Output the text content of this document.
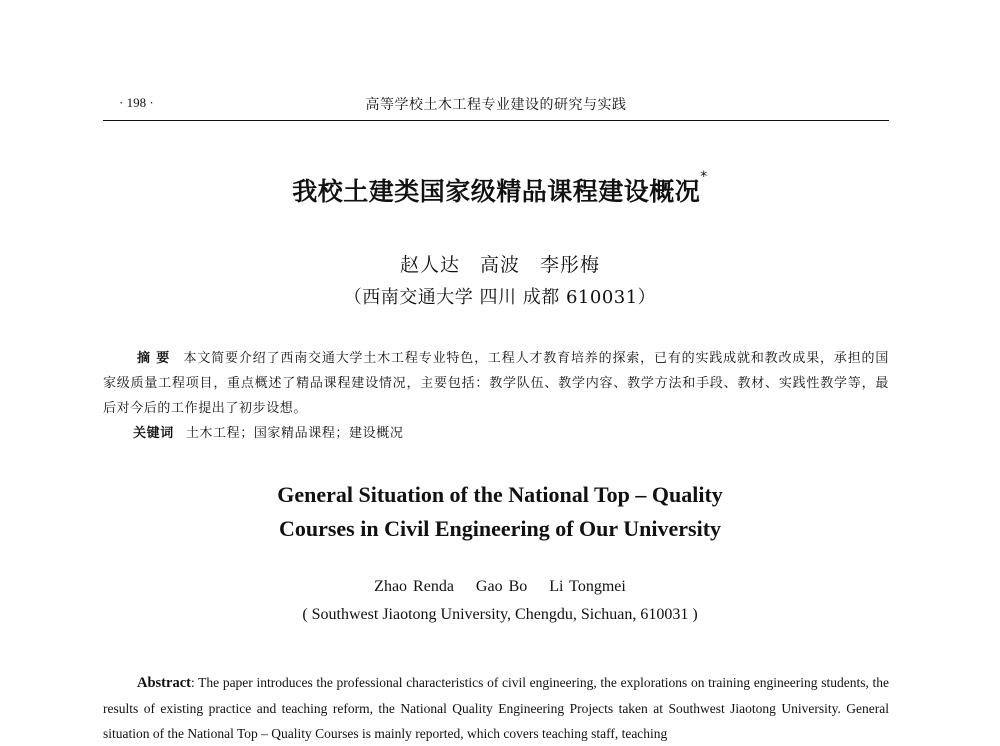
· 198 ·	高等学校土木工程专业建设的研究与实践
我校土建类国家级精品课程建设概况*
赵人达　高波　李彤梅
（西南交通大学 四川 成都 610031）
摘要 本文简要介绍了西南交通大学土木工程专业特色，工程人才教育培养的探索，已有的实践成就和教改成果，承担的国家级质量工程项目，重点概述了精品课程建设情况，主要包括：教学队伍、教学内容、教学方法和手段、教材、实践性教学等，最后对今后的工作提出了初步设想。
关键词 土木工程；国家精品课程；建设概况
General Situation of the National Top – Quality
Courses in Civil Engineering of Our University
Zhao Renda Gao Bo Li Tongmei
( Southwest Jiaotong University, Chengdu, Sichuan, 610031 )
Abstract: The paper introduces the professional characteristics of civil engineering, the explorations on training engineering students, the results of existing practice and teaching reform, the National Quality Engineering Projects taken at Southwest Jiaotong University. General situation of the National Top – Quality Courses is mainly reported, which covers teaching staff, teaching
